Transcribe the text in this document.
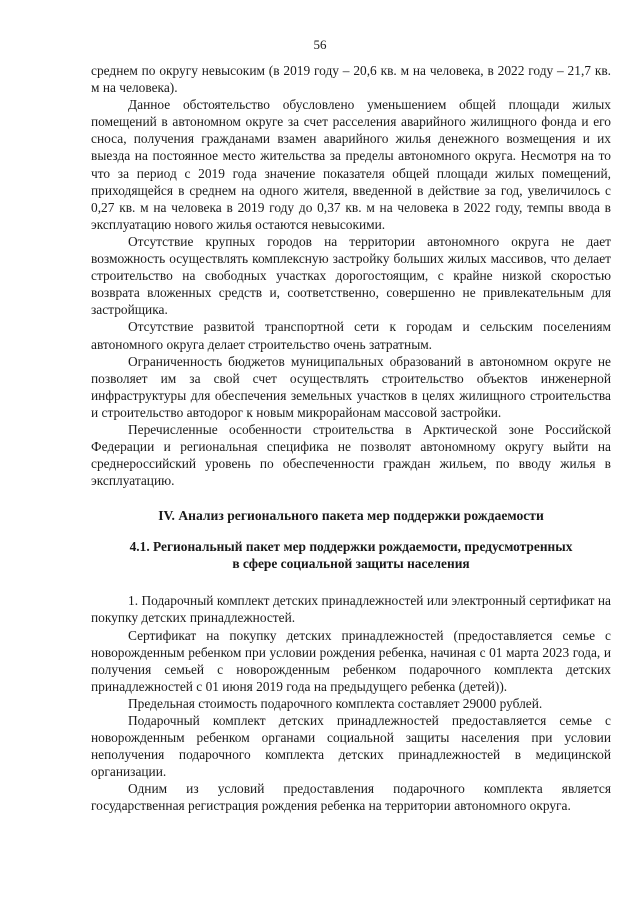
56

среднем по округу невысоким (в 2019 году – 20,6 кв. м на человека, в 2022 году – 21,7 кв. м на человека).

Данное обстоятельство обусловлено уменьшением общей площади жилых помещений в автономном округе за счет расселения аварийного жилищного фонда и его сноса, получения гражданами взамен аварийного жилья денежного возмещения и их выезда на постоянное место жительства за пределы автономного округа. Несмотря на то что за период с 2019 года значение показателя общей площади жилых помещений, приходящейся в среднем на одного жителя, введенной в действие за год, увеличилось с 0,27 кв. м на человека в 2019 году до 0,37 кв. м на человека в 2022 году, темпы ввода в эксплуатацию нового жилья остаются невысокими.

Отсутствие крупных городов на территории автономного округа не дает возможность осуществлять комплексную застройку больших жилых массивов, что делает строительство на свободных участках дорогостоящим, с крайне низкой скоростью возврата вложенных средств и, соответственно, совершенно не привлекательным для застройщика.

Отсутствие развитой транспортной сети к городам и сельским поселениям автономного округа делает строительство очень затратным.

Ограниченность бюджетов муниципальных образований в автономном округе не позволяет им за свой счет осуществлять строительство объектов инженерной инфраструктуры для обеспечения земельных участков в целях жилищного строительства и строительство автодорог к новым микрорайонам массовой застройки.

Перечисленные особенности строительства в Арктической зоне Российской Федерации и региональная специфика не позволят автономному округу выйти на среднероссийский уровень по обеспеченности граждан жильем, по вводу жилья в эксплуатацию.

IV. Анализ регионального пакета мер поддержки рождаемости
4.1. Региональный пакет мер поддержки рождаемости, предусмотренных
в сфере социальной защиты населения

1. Подарочный комплект детских принадлежностей или электронный сертификат на покупку детских принадлежностей.

Сертификат на покупку детских принадлежностей (предоставляется семье с новорожденным ребенком при условии рождения ребенка, начиная с 01 марта 2023 года, и получения семьей с новорожденным ребенком подарочного комплекта детских принадлежностей с 01 июня 2019 года на предыдущего ребенка (детей)).

Предельная стоимость подарочного комплекта составляет 29000 рублей.

Подарочный комплект детских принадлежностей предоставляется семье с новорожденным ребенком органами социальной защиты населения при условии неполучения подарочного комплекта детских принадлежностей в медицинской организации.

Одним из условий предоставления подарочного комплекта является государственная регистрация рождения ребенка на территории автономного округа.
